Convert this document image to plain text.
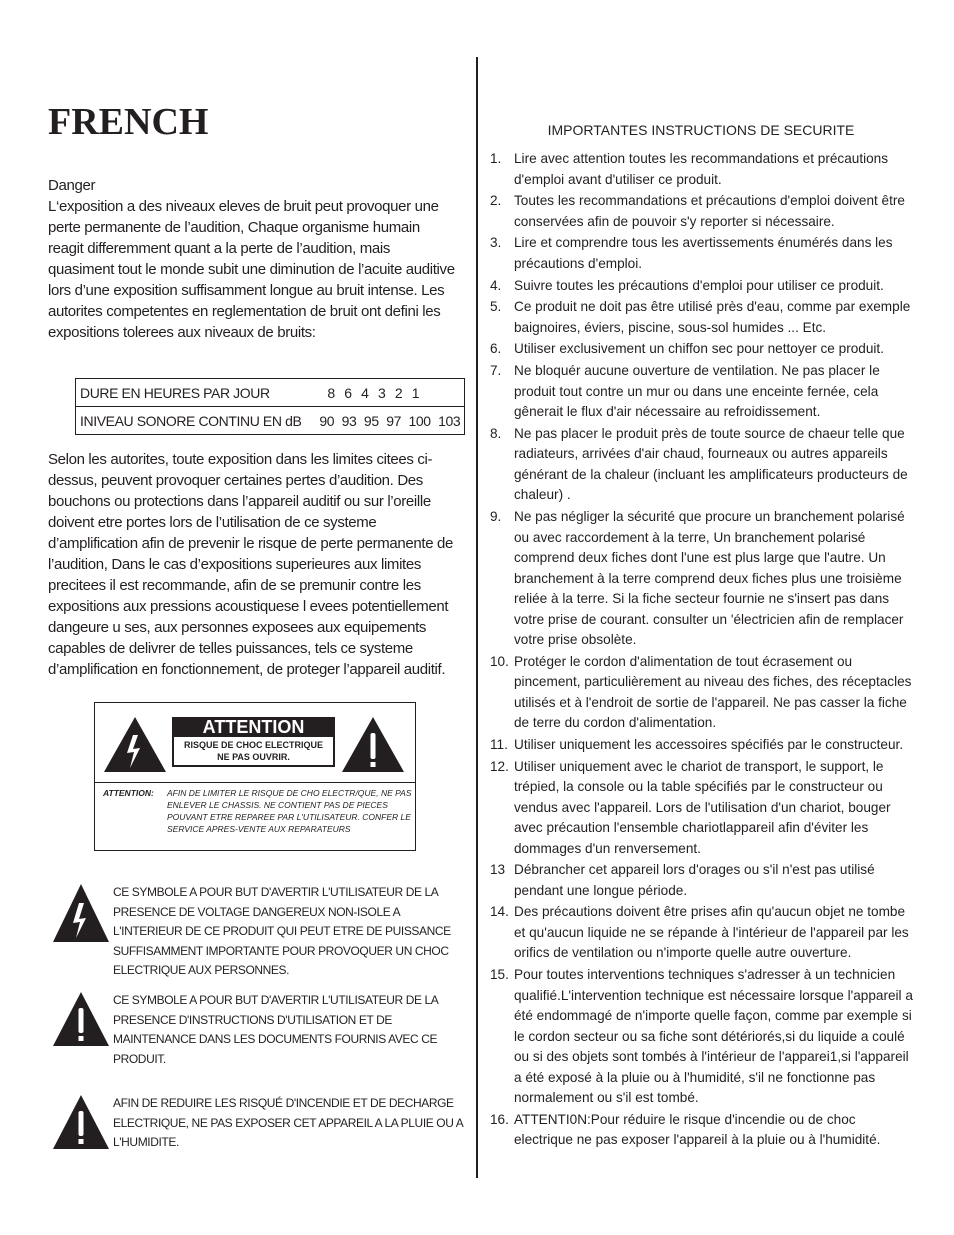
FRENCH
Danger
L‘exposition a des niveaux eleves de bruit peut provoquer une perte permanente de l’audition, Chaque organisme humain reagit differemment quant a la perte de l’audition, mais quasiment tout le monde subit une diminution de l’acuite auditive lors d’une exposition suffisamment longue au bruit intense. Les autorites competentes en reglementation de bruit ont defini les expositions tolerees aux niveaux de bruits:
DURE EN HEURES PAR JOUR	8 6 4 3 2 1
INIVEAU SONORE CONTINU EN dB	90 93 95 97 100 103
Selon les autorites, toute exposition dans les limites citees ci-dessus, peuvent provoquer certaines pertes d’audition. Des bouchons ou protections dans l’appareil auditif ou sur l’oreille doivent etre portes lors de l’utilisation de ce systeme d’amplification afin de prevenir le risque de perte permanente de l’audition, Dans le cas d’expositions superieures aux limites precitees il est recommande, afin de se premunir contre les expositions aux pressions acoustiquese l evees potentiellement dangeure u ses, aux personnes exposees aux equipements capables de delivrer de telles puissances, tels ce systeme d’amplification en fonctionnement, de proteger l’appareil auditif.
ATTENTION
RISQUE DE CHOC ELECTRIQUE
NE PAS OUVRIR.
ATTENTION: AFIN DE LIMITER LE RISQUE DE CHO ELECTR/QUE, NE PAS ENLEVER LE CHASSIS. NE CONTIENT PAS DE PIECES POUVANT ETRE REPAREE PAR L'UTILISATEUR. CONFER LE SERVICE APRES-VENTE AUX REPARATEURS

CE SYMBOLE A POUR BUT D'AVERTIR L'UTILISATEUR DE LA PRESENCE DE VOLTAGE DANGEREUX NON-ISOLE A L'INTERIEUR DE CE PRODUIT QUI PEUT ETRE DE PUISSANCE SUFFISAMMENT IMPORTANTE POUR PROVOQUER UN CHOC ELECTRIQUE AUX PERSONNES.

CE SYMBOLE A POUR BUT D'AVERTIR L'UTILISATEUR DE LA PRESENCE D'INSTRUCTIONS D'UTILISATION ET DE MAINTENANCE DANS LES DOCUMENTS FOURNIS AVEC CE PRODUIT.

AFIN DE REDUIRE LES RISQUÉ D'INCENDIE ET DE DECHARGE ELECTRIQUE, NE PAS EXPOSER CET APPAREIL A LA PLUIE OU A L'HUMIDITE.

IMPORTANTES INSTRUCTIONS DE SECURITE
1. Lire avec attention toutes les recommandations et précautions d'emploi avant d'utiliser ce produit.
2. Toutes les recommandations et précautions d'emploi doivent être conservées afin de pouvoir s'y reporter si nécessaire.
3. Lire et comprendre tous les avertissements énumérés dans les précautions d'emploi.
4. Suivre toutes les précautions d'emploi pour utiliser ce produit.
5. Ce produit ne doit pas être utilisé près d'eau, comme par exemple baignoires, éviers, piscine, sous-sol humides ... Etc.
6. Utiliser exclusivement un chiffon sec pour nettoyer ce produit.
7. Ne bloquér aucune ouverture de ventilation. Ne pas placer le produit tout contre un mur ou dans une enceinte fernée, cela gênerait le flux d'air nécessaire au refroidissement.
8. Ne pas placer le produit près de toute source de chaeur telle que radiateurs, arrivées d'air chaud, fourneaux ou autres appareils générant de la chaleur (incluant les amplificateurs producteurs de chaleur) .
9. Ne pas négliger la sécurité que procure un branchement polarisé ou avec raccordement à la terre, Un branchement polarisé comprend deux fiches dont l'une est plus large que l'autre. Un branchement à la terre comprend deux fiches plus une troisième reliée à la terre. Si la fiche secteur fournie ne s'insert pas dans votre prise de courant. consulter un 'électricien afin de remplacer votre prise obsolète.
10. Protéger le cordon d'alimentation de tout écrasement ou pincement, particulièrement au niveau des fiches, des réceptacles utilisés et à l'endroit de sortie de l'appareil. Ne pas casser la fiche de terre du cordon d'alimentation.
11. Utiliser uniquement les accessoires spécifiés par le constructeur.
12. Utiliser uniquement avec le chariot de transport, le support, le trépied, la console ou la table spécifiés par le constructeur ou vendus avec l'appareil. Lors de l'utilisation d'un chariot, bouger avec précaution l'ensemble chariotlappareil afin d'éviter les dommages d'un renversement.
13 Débrancher cet appareil lors d'orages ou s'il n'est pas utilisé pendant une longue période.
14. Des précautions doivent être prises afin qu'aucun objet ne tombe et qu'aucun liquide ne se répande à l'intérieur de l'appareil par les orifics de ventilation ou n'importe quelle autre ouverture.
15. Pour toutes interventions techniques s'adresser à un technicien qualifié.L'intervention technique est nécessaire lorsque l'appareil a été endommagé de n'importe quelle façon, comme par exemple si le cordon secteur ou sa fiche sont détériorés,si du liquide a coulé ou si des objets sont tombés à l'intérieur de l'apparei1,si l'appareil a été exposé à la pluie ou à l'humidité, s'il ne fonctionne pas normalement ou s'il est tombé.
16. ATTENTI0N:Pour réduire le risque d'incendie ou de choc electrique ne pas exposer l'appareil à la pluie ou à l'humidité.
